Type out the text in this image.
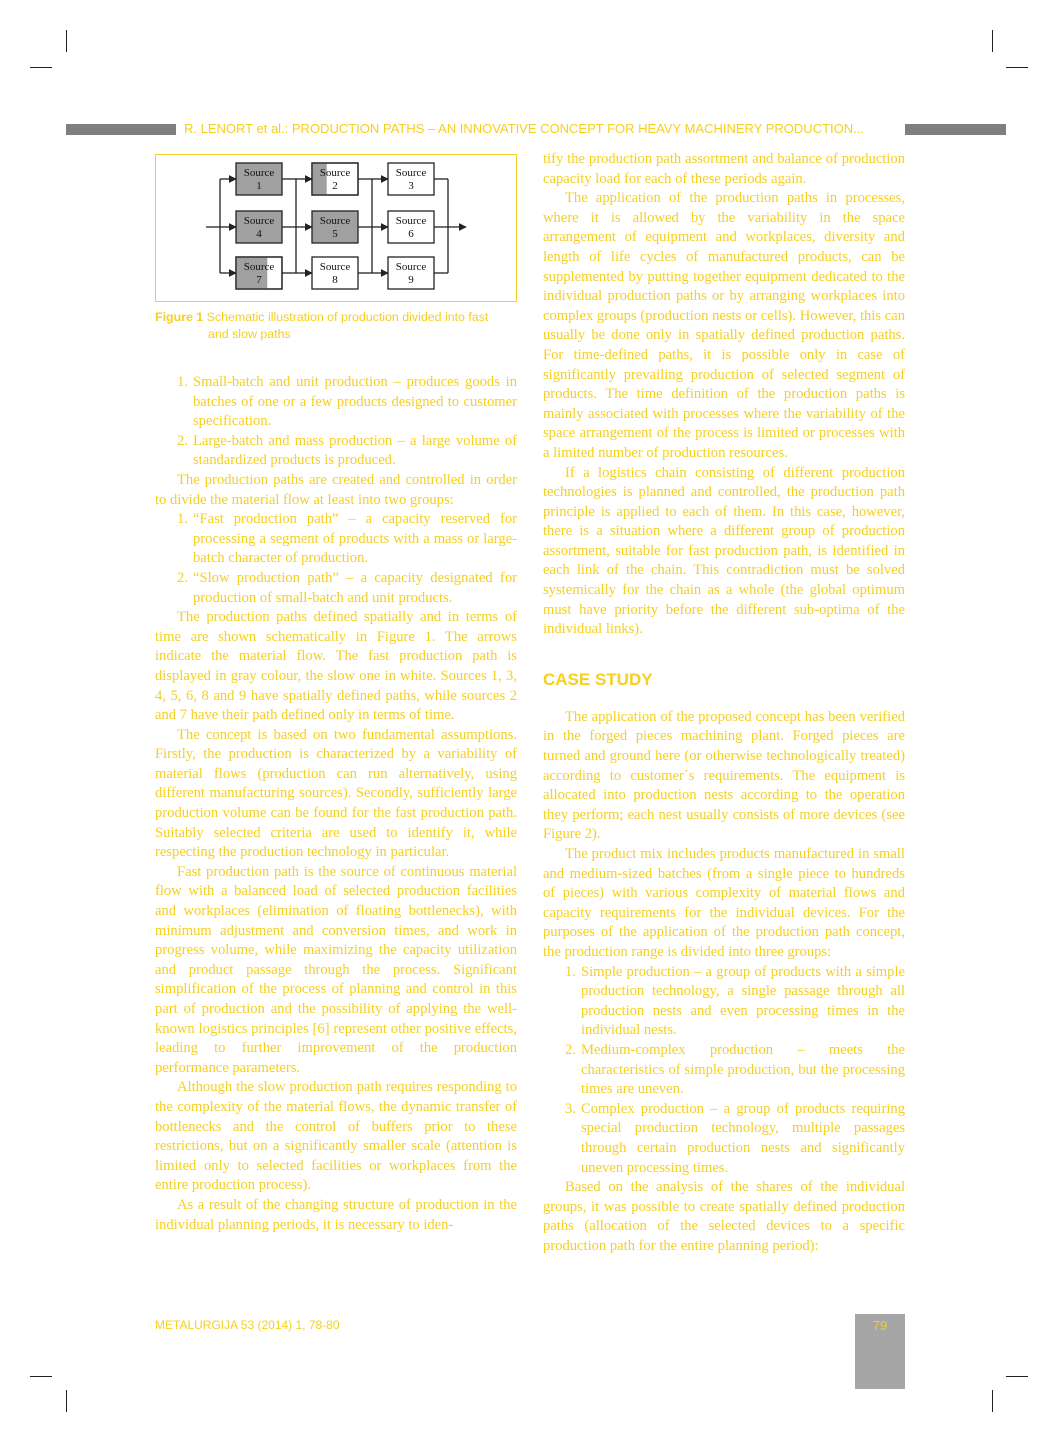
R. LENORT et al.: PRODUCTION PATHS – AN INNOVATIVE CONCEPT FOR HEAVY MACHINERY PRODUCTION...
Source
1
Source
4
Source
7
Source
2
Source
5
Source
8
Source
3
Source
6
Source
9
Figure 1 Schematic illustration of production divided into fast
and slow paths
1. Small-batch and unit production – produces goods in batches of one or a few products designed to customer specification.
2. Large-batch and mass production – a large volume of standardized products is produced.

The production paths are created and controlled in order to divide the material flow at least into two groups:

1. “Fast production path” – a capacity reserved for processing a segment of products with a mass or large-batch character of production.
2. “Slow production path” – a capacity designated for production of small-batch and unit products.

The production paths defined spatially and in terms of time are shown schematically in Figure 1. The arrows indicate the material flow. The fast production path is displayed in gray colour, the slow one in white. Sources 1, 3, 4, 5, 6, 8 and 9 have spatially defined paths, while sources 2 and 7 have their path defined only in terms of time.

The concept is based on two fundamental assumptions. Firstly, the production is characterized by a variability of material flows (production can run alternatively, using different manufacturing sources). Secondly, sufficiently large production volume can be found for the fast production path. Suitably selected criteria are used to identify it, while respecting the production technology in particular.

Fast production path is the source of continuous material flow with a balanced load of selected production facilities and workplaces (elimination of floating bottlenecks), with minimum adjustment and conversion times, and work in progress volume, while maximizing the capacity utilization and product passage through the process. Significant simplification of the process of planning and control in this part of production and the possibility of applying the well-known logistics principles [6] represent other positive effects, leading to further improvement of the production performance parameters.

Although the slow production path requires responding to the complexity of the material flows, the dynamic transfer of bottlenecks and the control of buffers prior to these restrictions, but on a significantly smaller scale (attention is limited only to selected facilities or workplaces from the entire production process).

As a result of the changing structure of production in the individual planning periods, it is necessary to iden-

tify the production path assortment and balance of production capacity load for each of these periods again.

The application of the production paths in processes, where it is allowed by the variability in the space arrangement of equipment and workplaces, diversity and length of life cycles of manufactured products, can be supplemented by putting together equipment dedicated to the individual production paths or by arranging workplaces into complex groups (production nests or cells). However, this can usually be done only in spatially defined production paths. For time-defined paths, it is possible only in case of significantly prevailing production of selected segment of products. The time definition of the production paths is mainly associated with processes where the variability of the space arrangement of the process is limited or processes with a limited number of production resources.

If a logistics chain consisting of different production technologies is planned and controlled, the production path principle is applied to each of them. In this case, however, there is a situation where a different group of production assortment, suitable for fast production path, is identified in each link of the chain. This contradiction must be solved systemically for the chain as a whole (the global optimum must have priority before the different sub-optima of the individual links).

CASE STUDY

The application of the proposed concept has been verified in the forged pieces machining plant. Forged pieces are turned and ground here (or otherwise technologically treated) according to customer´s requirements. The equipment is allocated into production nests according to the operation they perform; each nest usually consists of more devices (see Figure 2).

The product mix includes products manufactured in small and medium-sized batches (from a single piece to hundreds of pieces) with various complexity of material flows and capacity requirements for the individual devices. For the purposes of the application of the production path concept, the production range is divided into three groups:

1. Simple production – a group of products with a simple production technology, a single passage through all production nests and even processing times in the individual nests.
2. Medium-complex production – meets the characteristics of simple production, but the processing times are uneven.
3. Complex production – a group of products requiring special production technology, multiple passages through certain production nests and significantly uneven processing times.

Based on the analysis of the shares of the individual groups, it was possible to create spatially defined production paths (allocation of the selected devices to a specific production path for the entire planning period):

METALURGIJA 53 (2014) 1, 78-80	79
